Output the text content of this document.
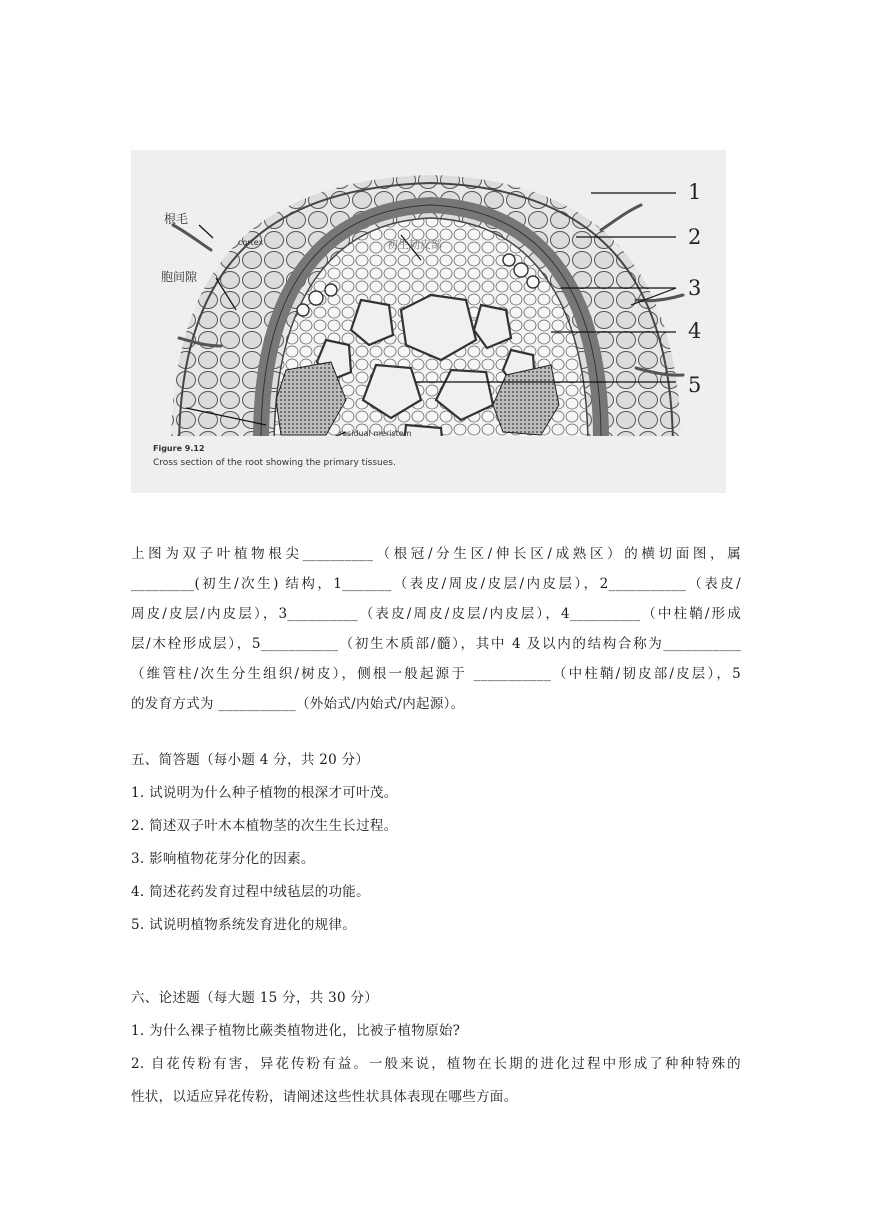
根毛
cortex
胞间隙
初生韧皮部
residual meristem
Figure 9.12
Cross section of the root showing the primary tissues.
1
2
3
4
5
上图为双子叶植物根尖__________（根冠/分生区/伸长区/成熟区）的横切面图，属
_________(初生/次生) 结构，1_______（表皮/周皮/皮层/内皮层），2___________（表皮/
周皮/皮层/内皮层），3__________（表皮/周皮/皮层/内皮层），4__________（中柱鞘/形成
层/木栓形成层），5___________（初生木质部/髓），其中 4 及以内的结构合称为___________
（维管柱/次生分生组织/树皮），侧根一般起源于 ___________（中柱鞘/韧皮部/皮层），5
的发育方式为 ___________（外始式/内始式/内起源）。
五、简答题（每小题 4 分，共 20 分）
1. 试说明为什么种子植物的根深才可叶茂。
2. 简述双子叶木本植物茎的次生生长过程。
3. 影响植物花芽分化的因素。
4. 简述花药发育过程中绒毡层的功能。
5. 试说明植物系统发育进化的规律。
六、论述题（每大题 15 分，共 30 分）
1. 为什么裸子植物比蕨类植物进化，比被子植物原始?
2. 自花传粉有害，异花传粉有益。一般来说，植物在长期的进化过程中形成了种种特殊的
性状，以适应异花传粉，请阐述这些性状具体表现在哪些方面。
